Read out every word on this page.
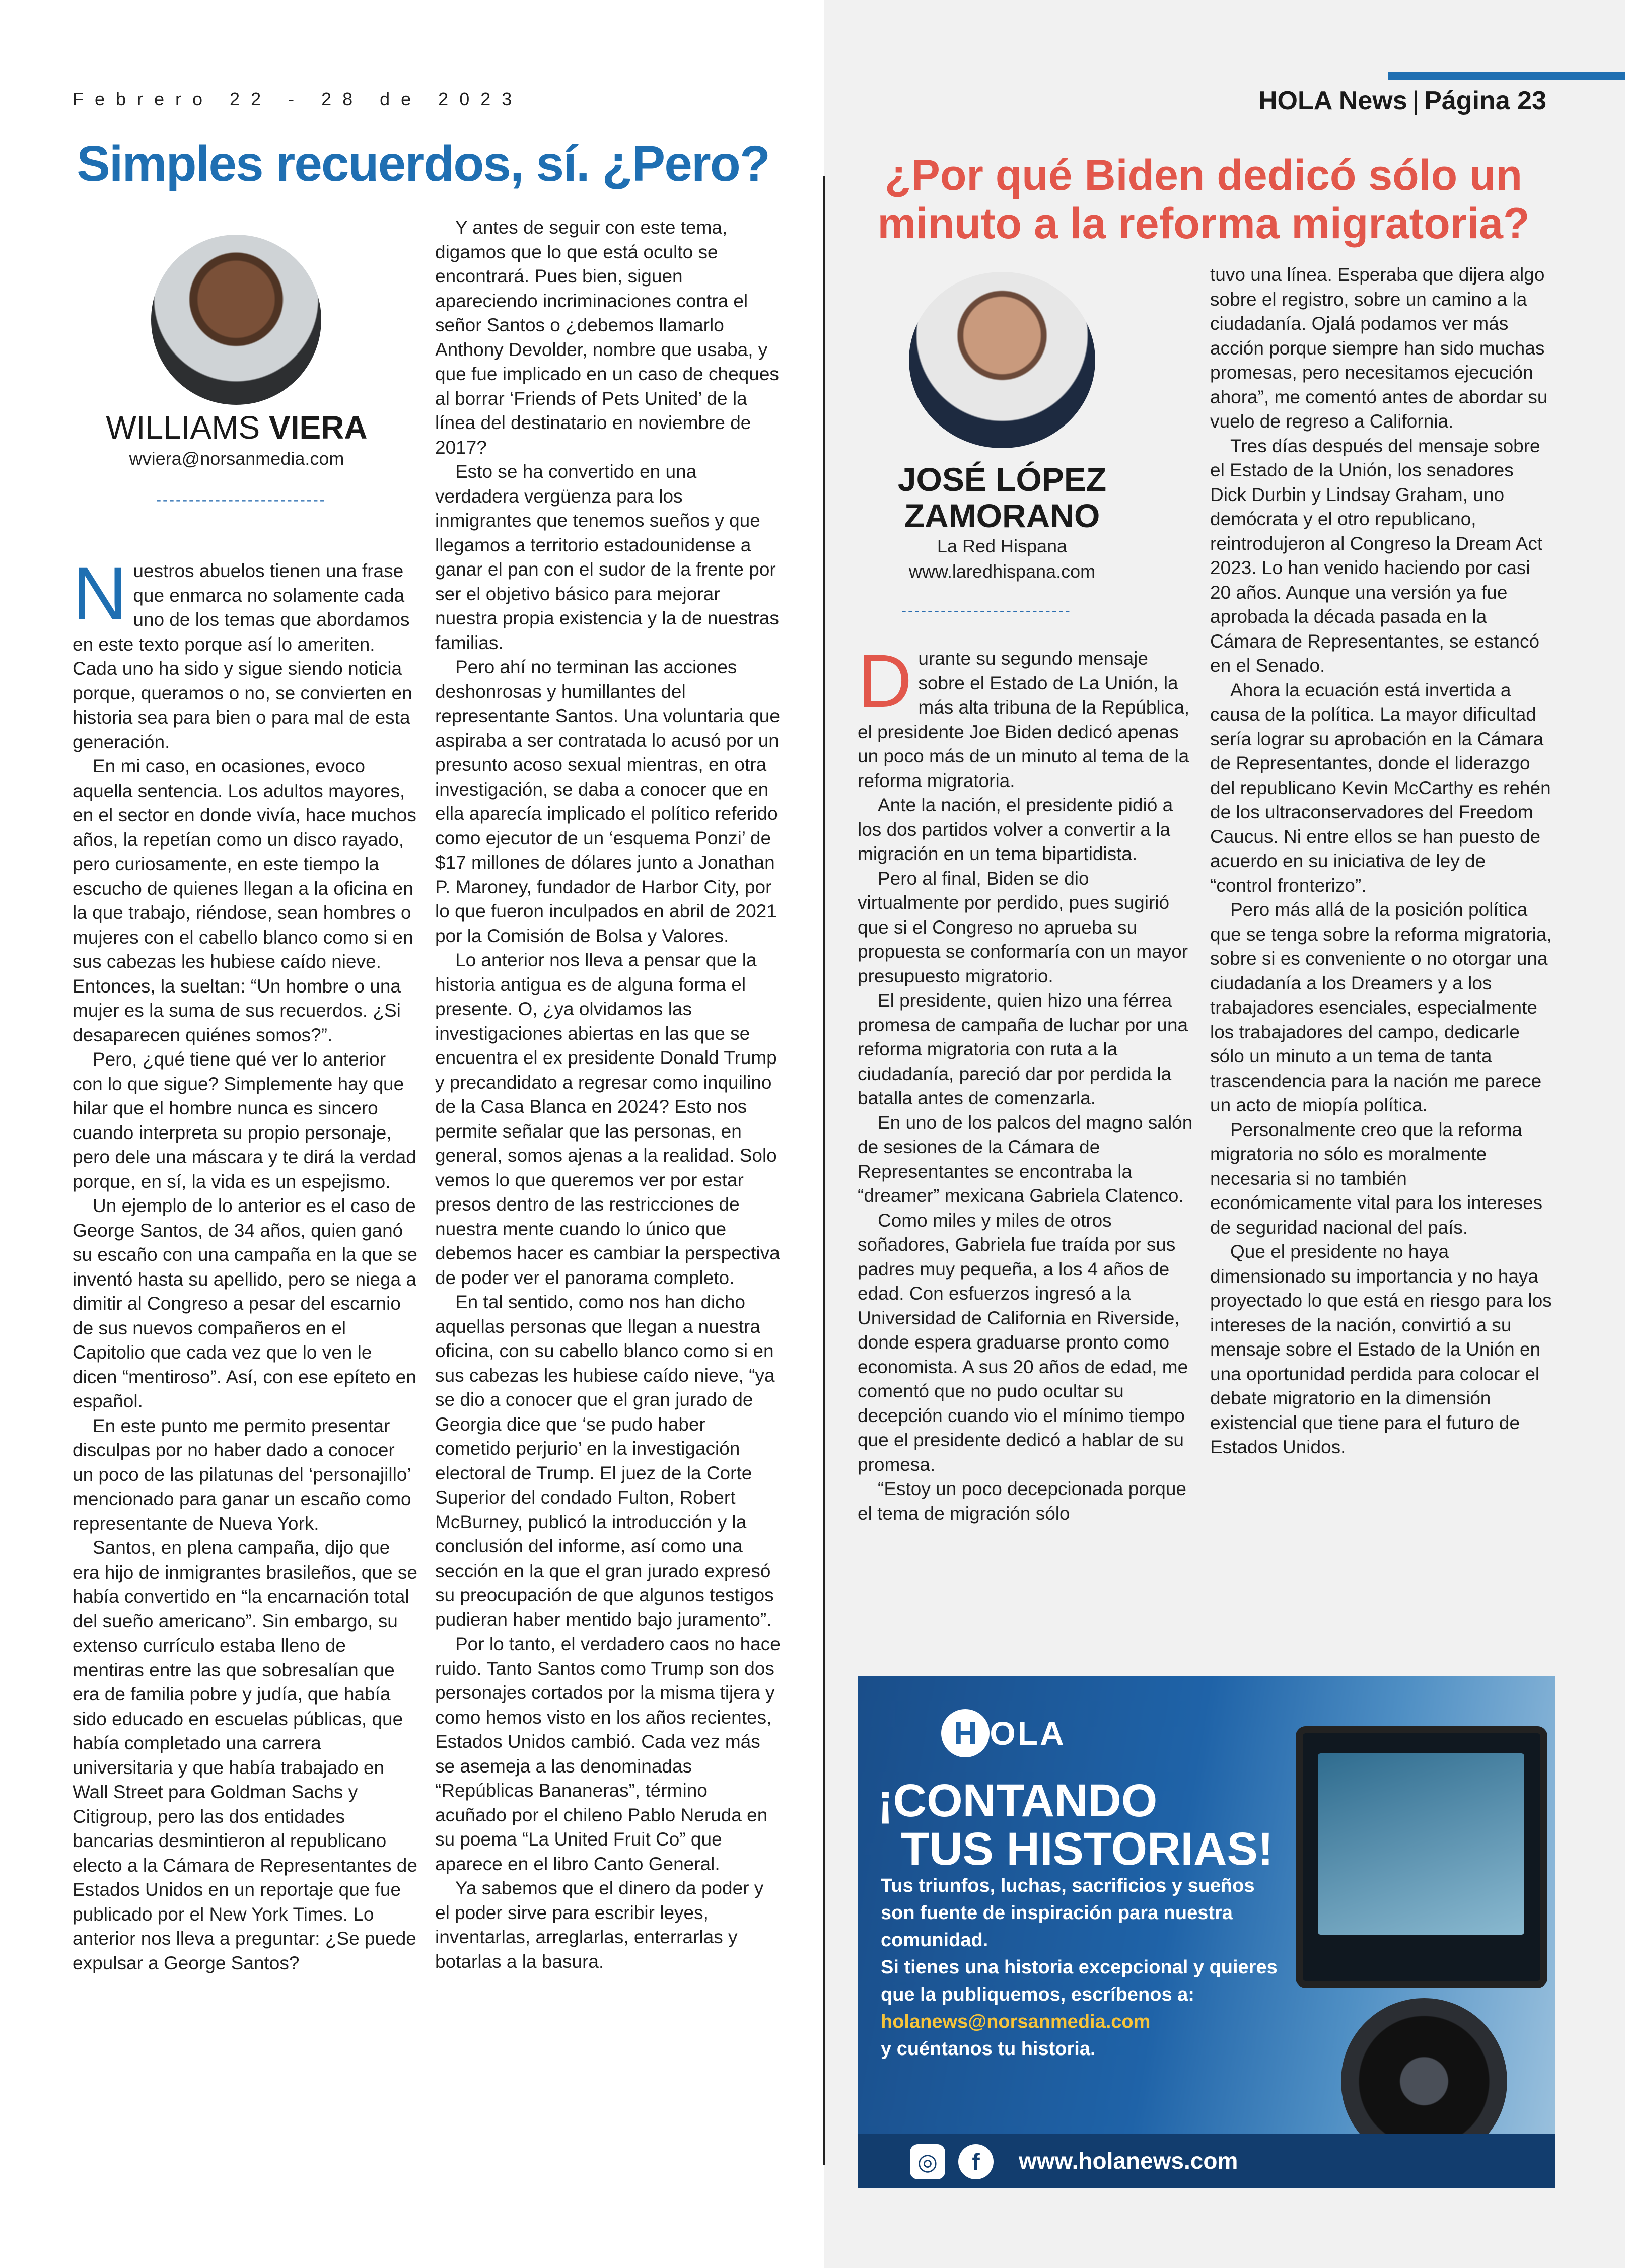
Febrero 22 - 28 de 2023	HOLA News | Página 23
Simples recuerdos, sí. ¿Pero?
WILLIAMS VIERA
wviera@norsanmedia.com
--------------------------

Nuestros abuelos tienen una frase que enmarca no solamente cada uno de los temas que abordamos en este texto porque así lo ameriten. Cada uno ha sido y sigue siendo noticia porque, queramos o no, se convierten en historia sea para bien o para mal de esta generación.

En mi caso, en ocasiones, evoco aquella sentencia. Los adultos mayores, en el sector en donde vivía, hace muchos años, la repetían como un disco rayado, pero curiosamente, en este tiempo la escucho de quienes llegan a la oficina en la que trabajo, riéndose, sean hombres o mujeres con el cabello blanco como si en sus cabezas les hubiese caído nieve. Entonces, la sueltan: “Un hombre o una mujer es la suma de sus recuerdos. ¿Si desaparecen quiénes somos?”.

Pero, ¿qué tiene qué ver lo anterior con lo que sigue? Simplemente hay que hilar que el hombre nunca es sincero cuando interpreta su propio personaje, pero dele una máscara y te dirá la verdad porque, en sí, la vida es un espejismo.

Un ejemplo de lo anterior es el caso de George Santos, de 34 años, quien ganó su escaño con una campaña en la que se inventó hasta su apellido, pero se niega a dimitir al Congreso a pesar del escarnio de sus nuevos compañeros en el Capitolio que cada vez que lo ven le dicen “mentiroso”. Así, con ese epíteto en español.

En este punto me permito presentar disculpas por no haber dado a conocer un poco de las pilatunas del ‘personajillo’ mencionado para ganar un escaño como representante de Nueva York.

Santos, en plena campaña, dijo que era hijo de inmigrantes brasileños, que se había convertido en “la encarnación total del sueño americano”. Sin embargo, su extenso currículo estaba lleno de mentiras entre las que sobresalían que era de familia pobre y judía, que había sido educado en escuelas públicas, que había completado una carrera universitaria y que había trabajado en Wall Street para Goldman Sachs y Citigroup, pero las dos entidades bancarias desmintieron al republicano electo a la Cámara de Representantes de Estados Unidos en un reportaje que fue publicado por el New York Times. Lo anterior nos lleva a preguntar: ¿Se puede expulsar a George Santos?

Y antes de seguir con este tema, digamos que lo que está oculto se encontrará. Pues bien, siguen apareciendo incriminaciones contra el señor Santos o ¿debemos llamarlo Anthony Devolder, nombre que usaba, y que fue implicado en un caso de cheques al borrar ‘Friends of Pets United’ de la línea del destinatario en noviembre de 2017?

Esto se ha convertido en una verdadera vergüenza para los inmigrantes que tenemos sueños y que llegamos a territorio estadounidense a ganar el pan con el sudor de la frente por ser el objetivo básico para mejorar nuestra propia existencia y la de nuestras familias.

Pero ahí no terminan las acciones deshonrosas y humillantes del representante Santos. Una voluntaria que aspiraba a ser contratada lo acusó por un presunto acoso sexual mientras, en otra investigación, se daba a conocer que en ella aparecía implicado el político referido como ejecutor de un ‘esquema Ponzi’ de $17 millones de dólares junto a Jonathan P. Maroney, fundador de Harbor City, por lo que fueron inculpados en abril de 2021 por la Comisión de Bolsa y Valores.

Lo anterior nos lleva a pensar que la historia antigua es de alguna forma el presente. O, ¿ya olvidamos las investigaciones abiertas en las que se encuentra el ex presidente Donald Trump y precandidato a regresar como inquilino de la Casa Blanca en 2024? Esto nos permite señalar que las personas, en general, somos ajenas a la realidad. Solo vemos lo que queremos ver por estar presos dentro de las restricciones de nuestra mente cuando lo único que debemos hacer es cambiar la perspectiva de poder ver el panorama completo.

En tal sentido, como nos han dicho aquellas personas que llegan a nuestra oficina, con su cabello blanco como si en sus cabezas les hubiese caído nieve, “ya se dio a conocer que el gran jurado de Georgia dice que ‘se pudo haber cometido perjurio’ en la investigación electoral de Trump. El juez de la Corte Superior del condado Fulton, Robert McBurney, publicó la introducción y la conclusión del informe, así como una sección en la que el gran jurado expresó su preocupación de que algunos testigos pudieran haber mentido bajo juramento”.

Por lo tanto, el verdadero caos no hace ruido. Tanto Santos como Trump son dos personajes cortados por la misma tijera y como hemos visto en los años recientes, Estados Unidos cambió. Cada vez más se asemeja a las denominadas “Repúblicas Bananeras”, término acuñado por el chileno Pablo Neruda en su poema “La United Fruit Co” que aparece en el libro Canto General.

Ya sabemos que el dinero da poder y el poder sirve para escribir leyes, inventarlas, arreglarlas, enterrarlas y botarlas a la basura.

¿Por qué Biden dedicó sólo un minuto a la reforma migratoria?
JOSÉ LÓPEZ
ZAMORANO
La Red Hispana
www.laredhispana.com
--------------------------

Durante su segundo mensaje sobre el Estado de La Unión, la más alta tribuna de la República, el presidente Joe Biden dedicó apenas un poco más de un minuto al tema de la reforma migratoria.

Ante la nación, el presidente pidió a los dos partidos volver a convertir a la migración en un tema bipartidista.

Pero al final, Biden se dio virtualmente por perdido, pues sugirió que si el Congreso no aprueba su propuesta se conformaría con un mayor presupuesto migratorio.

El presidente, quien hizo una férrea promesa de campaña de luchar por una reforma migratoria con ruta a la ciudadanía, pareció dar por perdida la batalla antes de comenzarla.

En uno de los palcos del magno salón de sesiones de la Cámara de Representantes se encontraba la “dreamer” mexicana Gabriela Clatenco.

Como miles y miles de otros soñadores, Gabriela fue traída por sus padres muy pequeña, a los 4 años de edad. Con esfuerzos ingresó a la Universidad de California en Riverside, donde espera graduarse pronto como economista. A sus 20 años de edad, me comentó que no pudo ocultar su decepción cuando vio el mínimo tiempo que el presidente dedicó a hablar de su promesa.

“Estoy un poco decepcionada porque el tema de migración sólo

tuvo una línea. Esperaba que dijera algo sobre el registro, sobre un camino a la ciudadanía. Ojalá podamos ver más acción porque siempre han sido muchas promesas, pero necesitamos ejecución ahora”, me comentó antes de abordar su vuelo de regreso a California.

Tres días después del mensaje sobre el Estado de la Unión, los senadores Dick Durbin y Lindsay Graham, uno demócrata y el otro republicano, reintrodujeron al Congreso la Dream Act 2023. Lo han venido haciendo por casi 20 años. Aunque una versión ya fue aprobada la década pasada en la Cámara de Representantes, se estancó en el Senado.

Ahora la ecuación está invertida a causa de la política. La mayor dificultad sería lograr su aprobación en la Cámara de Representantes, donde el liderazgo del republicano Kevin McCarthy es rehén de los ultraconservadores del Freedom Caucus. Ni entre ellos se han puesto de acuerdo en su iniciativa de ley de “control fronterizo”.

Pero más allá de la posición política que se tenga sobre la reforma migratoria, sobre si es conveniente o no otorgar una ciudadanía a los Dreamers y a los trabajadores esenciales, especialmente los trabajadores del campo, dedicarle sólo un minuto a un tema de tanta trascendencia para la nación me parece un acto de miopía política.

Personalmente creo que la reforma migratoria no sólo es moralmente necesaria si no también económicamente vital para los intereses de seguridad nacional del país.

Que el presidente no haya dimensionado su importancia y no haya proyectado lo que está en riesgo para los intereses de la nación, convirtió a su mensaje sobre el Estado de la Unión en una oportunidad perdida para colocar el debate migratorio en la dimensión existencial que tiene para el futuro de Estados Unidos.

H OLA
¡CONTANDO
TUS HISTORIAS!
Tus triunfos, luchas, sacrificios y sueños son fuente de inspiración para nuestra comunidad.
Si tienes una historia excepcional y quieres que la publiquemos, escríbenos a:
holanews@norsanmedia.com
y cuéntanos tu historia.
◎	f	www.holanews.com
